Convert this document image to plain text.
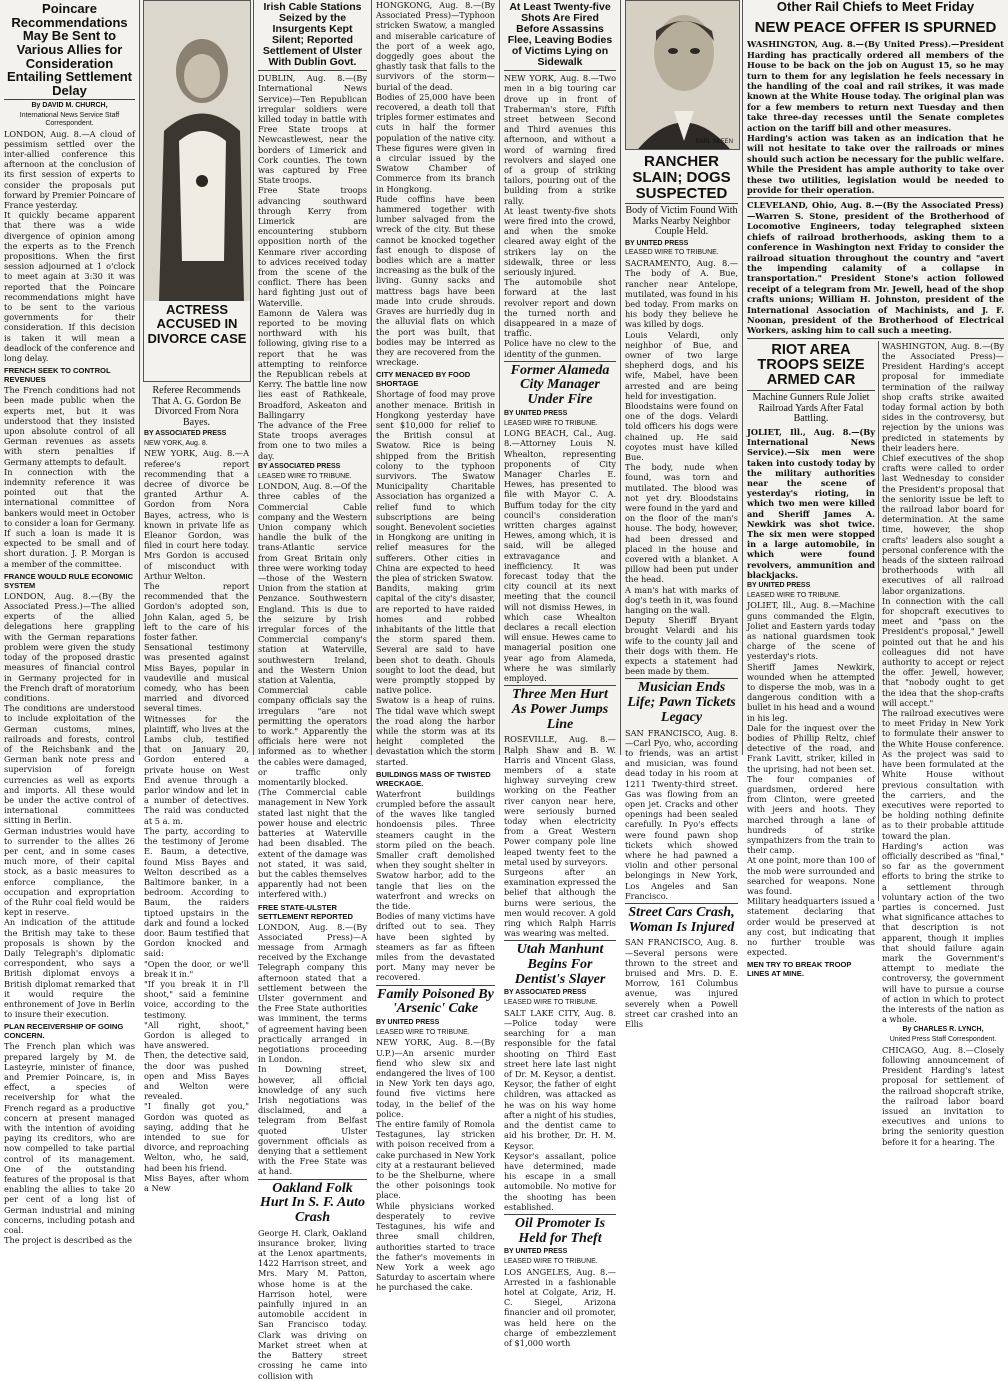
Poincare Recommendations May Be Sent to Various Allies for Consideration Entailing Settlement Delay
By DAVID M. CHURCH,
International News Service Staff Correspondent.

LONDON, Aug. 8.—A cloud of pessimism settled over the inter-allied conference this afternoon at the conclusion of its first session of experts to consider the proposals put forward by Premier Poincare of France yesterday.

It quickly became apparent that there was a wide divergence of opinion among the experts as to the French propositions. When the first session adjourned at 1 o'clock to meet again at 3:30 it was reported that the Poincare recommendations might have to be sent to the various governments for their consideration. If this decision is taken it will mean a deadlock of the conference and long delay.

FRENCH SEEK TO CONTROL REVENUES

The French conditions had not been made public when the experts met, but it was understood that they insisted upon absolute control of all German revenues as assets with stern penalties if Germany attempts to default.

In connection with the indemnity reference it was pointed out that the international committee of bankers would meet in October to consider a loan for Germany. If such a loan is made it is expected to be small and of short duration. J. P. Morgan is a member of the committee.

FRANCE WOULD RULE ECONOMIC SYSTEM

LONDON, Aug. 8.—(By the Associated Press.)—The allied experts of the allied delegations here grappling with the German reparations problem were given the study today of the proposed drastic measures of financial control in Germany projected for in the French draft of moratorium conditions.

The conditions are understood to include exploitation of the German customs, mines, railroads and forests, control of the Reichsbank and the German bank note press and supervision of foreign currencies as well as exports and imports. All these would be under the active control of international committees sitting in Berlin.

German industries would have to surrender to the allies 26 per cent, and in some cases much more, of their capital stock, as a basic measures to enforce compliance, the occupation and expropriation of the Ruhr coal field would be kept in reserve.

An indication of the attitude the British may take to these proposals is shown by the Daily Telegraph's diplomatic correspondent, who says a British diplomat envoys a British diplomat remarked that it would require the enthronement of Jove in Berlin to insure their execution.

PLAN RECEIVERSHIP OF GOING CONCERN.

The French plan which was prepared largely by M. de Lasteyrie, minister of finance, and Premier Poincare, is, in effect, a species of receivership for what the French regard as a productive concern at present managed with the intention of avoiding paying its creditors, who are now compelled to take partial control of its management. One of the outstanding features of the proposal is that enabling the allies to take 20 per cent of a long list of German industrial and mining concerns, including potash and coal.

The project is described as the

ACTRESS ACCUSED IN DIVORCE CASE
Referee Recommends That A. G. Gordon Be Divorced From Nora Bayes.
BY ASSOCIATED PRESS
NEW YORK, Aug. 8.

NEW YORK, Aug. 8.—A referee's report recommending that a decree of divorce be granted Arthur A. Gordon from Nora Bayes, actress, who is known in private life as Eleanor Gordon, was filed in court here today. Mrs Gordon is accused of misconduct with Arthur Welton.

The report recommended that the Gordon's adopted son, John Kalan, aged 5, be left to the care of his foster father.

Sensational testimony was presented against Miss Bayes, popular in vaudeville and musical comedy, who has been married and divorced several times.

Witnesses for the plaintiff, who lives at the Lambs club, testified that on January 20, Gordon entered a private house on West End avenue through a parlor window and let in a number of detectives. The raid was conducted at 5 a. m.

The party, according to the testimony of Jerome E. Baum, a detective, found Miss Bayes and Welton described as a Baltimore banker, in a bedroom. According to Baum, the raiders tiptoed upstairs in the dark and found a locked door. Baum testified that Gordon knocked and said:

"Open the door, or we'll break it in."

"If you break it in I'll shoot," said a feminine voice, according to the testimony.

"All right, shoot," Gordon is alleged to have answered.

Then, the detective said, the door was pushed open and Miss Bayes and Welton were revealed.

"I finally got you," Gordon was quoted as saying, adding that he intended to sue for divorce, and reproaching Welton, who, he said, had been his friend.

Miss Bayes, after whom a New

Irish Cable Stations Seized by the Insurgents Kept Silent; Reported Settlement of Ulster With Dublin Govt.

DUBLIN, Aug. 8.—(By International News Service)—Ten Republican irregular soldiers were killed today in battle with Free State troops at Newcastlewest, near the borders of Limerick and Cork counties. The town was captured by Free State troops.

Free State troops advancing southward through Kerry from Limerick are encountering stubborn opposition north of the Kenmare river according to advices received today from the scene of the conflict. There has been hard fighting just out of Waterville.

Eamonn de Valera was reported to be moving northward with his following, giving rise to a report that he was attempting to reinforce the Republican rebels at Kerry. The battle line now lies east of Rathkeale, Broadford, Askeaton and Ballingarry

The advance of the Free State troops averages from one to two miles a day.

BY ASSOCIATED PRESS
LEASED WIRE TO TRIBUNE.

LONDON, Aug. 8.—Of the three cables of the Commercial Cable company and the Western Union company which handle the bulk of the trans-Atlantic service from Great Britain only three were working today—those of the Western Union from the station at Penzance. Southwestern England. This is due to the seizure by Irish irregular forces of the Commercial company's station at Waterville, southwestern Ireland, and the Western Union station at Valentia,

Commercial cable company officials say the irregulars "are not permitting the operators to work." Apparently the officials here were not informed as to whether the cables were damaged, or traffic only momentarily blocked.

(The Commercial cable management in New York stated last night that the power house and electric batteries at Waterville had been disabled. The extent of the damage was not stated, it was said, but the cables themselves apparently had not been interfered with.)

FREE STATE-ULSTER SETTLEMENT REPORTED

LONDON, Aug. 8.—(By Associated Press)—A message from Armagh received by the Exchange Telegraph company this afternoon stated that a settlement between the Ulster government and the Free State authorities was imminent, the terms of agreement having been practically arranged in negotiations proceeding in London.

In Downing street, however, all official knowledge of any such Irish negotiations was disclaimed, and a telegram from Belfast quoted Ulster government officials as denying that a settlement with the Free State was at hand.

Oakland Folk Hurt In S. F. Auto Crash

George H. Clark, Oakland insurance broker, living at the Lenox apartments, 1422 Harrison street, and Mrs. Mary M. Patton, whose home is at the Harrison hotel, were painfully injured in an automobile accident in San Francisco today. Clark was driving on Market street when at the Battery street crossing he came into collision with

HONGKONG, Aug. 8.—(By Associated Press)—Typhoon stricken Swatow, a mangled and miserable caricature of the port of a week ago, doggedly goes about the ghastly task that falls to the survivors of the storm—burial of the dead.

Bodies of 25,000 have been recovered, a death toll that triples former estimates and cuts in half the former population of the native city. These figures were given in a circular issued by the Swatow Chamber of Commerce from its branch in Hongkong.

Rude coffins have been hammered together with lumber salvaged from the wreck of the city. But these cannot be knocked together fast enough to dispose of bodies which are a matter increasing as the bulk of the living. Gunny sacks and mattress bags have been made into crude shrouds. Graves are hurriedly dug in the alluvial flats on which the port was built, that bodies may be interred as they are recovered from the wreckage.

CITY MENACED BY FOOD SHORTAGE

Shortage of food may prove another menace. British in Hongkong yesterday have sent $10,000 for relief to the British consul at Swatow. Rice is being shipped from the British colony to the typhoon survivors. The Swatow Municipality Charitable Association has organized a relief fund to which subscriptions are being sought. Benevolent societies in Hongkong are uniting in relief measures for the sufferers. Other cities in China are expected to heed the plea of stricken Swatow.

Bandits, making grim capital of the city's disaster, are reported to have raided homes and robbed inhabitants of the little that the storm spared them. Several are said to have been shot to death. Ghouls sought to loot the dead, but were promptly stopped by native police.

Swatow is a heap of ruins. The tidal wave which swept the road along the harbor while the storm was at its height completed the devastation which the storm started.

BUILDINGS MASS OF TWISTED WRECKAGE.

Waterfront buildings crumpled before the assault of the waves like tangled hondoensis piles. Three steamers caught in the storm piled on the beach. Smaller craft demolished when they sought shelter in Swatow harbor, add to the tangle that lies on the waterfront and wrecks on the tide.

Bodies of many victims have drifted out to sea. They have been sighted by steamers as far as fifteen miles from the devastated port. Many may never be recovered.

Family Poisoned By 'Arsenic' Cake
BY UNITED PRESS
LEASED WIRE TO TRIBUNE.

NEW YORK, Aug. 8.—(By U.P.)—An arsenic murder fiend who slew six and endangered the lives of 100 in New York ten days ago, found five victims here today, in the belief of the police.

The entire family of Romola Testagunes, lay stricken with poison received from a cake purchased in New York city at a restaurant believed to be the Shelburne, where the other poisonings took place.

While physicians worked desperately to revive Testagunes, his wife and three small children, authorities started to trace the father's movements in New York a week ago Saturday to ascertain where he purchased the cake.

At Least Twenty-five Shots Are Fired Before Assassins Flee, Leaving Bodies of Victims Lying on Sidewalk

NEW YORK, Aug. 8.—Two men in a big touring car drove up in front of Traberman's store, Fifth street between Second and Third avenues this afternoon, and without a word of warning fired revolvers and slayed one of a group of striking tailors, pouring out of the building from a strike rally.

At least twenty-five shots were fired into the crowd, and when the smoke cleared away eight of the strikers lay on the sidewalk, three or less seriously injured.

The automobile shot forward at the last revolver report and down the turned north and disappeared in a maze of traffic.

Police have no clew to the identity of the gunmen.

Former Alameda City Manager Under Fire
BY UNITED PRESS
LEASED WIRE TO TRIBUNE.

LONG BEACH, Cal., Aug. 8.—Attorney Louis N. Whealton, representing proponents of City Manager Charles E. Hewes, has presented to file with Mayor C. A. Buffum today for the city council's consideration written charges against Hewes, among which, it is said, will be alleged extravagance and inefficiency. It was forecast today that the city council at its next meeting that the council will not dismiss Hewes, in which case Whealton declares a recall election will ensue. Hewes came to managerial position one year ago from Alameda, where he was similarly employed.

Three Men Hurt As Power Jumps Line

ROSEVILLE, Aug. 8.—Ralph Shaw and B. W. Harris and Vincent Glass, members of a state highway surveying crew working on the Feather river canyon near here, were seriously burned today when electricity from a Great Western Power company pole line leaped twenty feet to the metal used by surveyors.

Surgeons after an examination expressed the belief that although the burns were serious, the men would recover. A gold ring which Ralph Harris was wearing was melted.

Utah Manhunt Begins For Dentist's Slayer
BY ASSOCIATED PRESS
LEASED WIRE TO TRIBUNE.

SALT LAKE CITY, Aug. 8.—Police today were searching for a man responsible for the fatal shooting on Third East street here late last night of Dr. M. Keysor, a dentist. Keysor, the father of eight children, was attacked as he was on his way home after a night of his studies, and the dentist came to aid his brother, Dr. H. M. Keysor.

Keysor's assailant, police have determined, made his escape in a small automobile. No motive for the shooting has been established.

Oil Promoter Is Held for Theft
BY UNITED PRESS
LEASED WIRE TO TRIBUNE.

LOS ANGELES, Aug. 8.—Arrested in a fashionable hotel at Colgate, Ariz, H. C. Siegel, Arizona financier and oil promoter, was held here on the charge of embezzlement of $1,000 worth

EARL SKEEN
RANCHER SLAIN; DOGS SUSPECTED
Body of Victim Found With Marks Nearby Neighbor Couple Held.
BY UNITED PRESS
LEASED WIRE TO TRIBUNE.

SACRAMENTO, Aug. 8.—The body of A. Bue, rancher near Antelope, mutilated, was found in his bed today. From marks on his body they believe he was killed by dogs.

Louis Velardi, only neighbor of Bue, and owner of two large shepherd dogs, and his wife, Mabel, have been arrested and are being held for investigation.

Bloodstains were found on one of the dogs. Velardi told officers his dogs were chained up. He said coyotes must have killed Bue.

The body, nude when found, was torn and mutilated. The blood was not yet dry. Bloodstains were found in the yard and on the floor of the man's house. The body, however, had been dressed and placed in the house and covered with a blanket. A pillow had been put under the head.

A man's hat with marks of dog's teeth in it, was found hanging on the wall.

Deputy Sheriff Bryant brought Velardi and his wife to the county jail and their dogs with them. He expects a statement had been made by them.

Musician Ends Life; Pawn Tickets Legacy

SAN FRANCISCO, Aug. 8.—Carl Pyo, who, according to friends, was an artist and musician, was found dead today in his room at 1211 Twenty-third street. Gas was flowing from an open jet. Cracks and other openings had been sealed carefully. In Pyo's effects were found pawn shop tickets which showed where he had pawned a violin and other personal belongings in New York, Los Angeles and San Francisco.

Street Cars Crash, Woman Is Injured

SAN FRANCISCO, Aug. 8.—Several persons were thrown to the street and bruised and Mrs. D. E. Morrow, 161 Columbus avenue, was injured severely when a Powell street car crashed into an Ellis

Other Rail Chiefs to Meet Friday
NEW PEACE OFFER IS SPURNED

WASHINGTON, Aug. 8.—(By United Press).—President Harding has practically ordered all members of the House to be back on the job on August 15, so he may turn to them for any legislation he feels necessary in the handling of the coal and rail strikes, it was made known at the White House today. The original plan was for a few members to return next Tuesday and then take three-day recesses until the Senate completes action on the tariff bill and other measures.

Harding's action was taken as an indication that he will not hesitate to take over the railroads or mines should such action be necessary for the public welfare. While the President has ample authority to take over these two utilities, legislation would be needed to provide for their operation.

CLEVELAND, Ohio, Aug. 8.—(By the Associated Press)—Warren S. Stone, president of the Brotherhood of Locomotive Engineers, today telegraphed sixteen chiefs of railroad brotherhoods, asking them to a conference in Washington next Friday to consider the railroad situation throughout the country and "avert the impending calamity of a collapse in transportation." President Stone's action followed receipt of a telegram from Mr. Jewell, head of the shop crafts unions; William H. Johnston, president of the International Association of Machinists, and J. F. Noonan, president of the Brotherhood of Electrical Workers, asking him to call such a meeting.

RIOT AREA TROOPS SEIZE ARMED CAR
Machine Gunners Rule Joliet Railroad Yards After Fatal Battling.

JOLIET, Ill., Aug. 8.—(By International News Service).—Six men were taken into custody today by the military authorities near the scene of yesterday's rioting, in which two men were killed and Sheriff James A. Newkirk was shot twice. The six men were stopped in a large automobile, in which were found revolvers, ammunition and blackjacks.

BY UNITED PRESS
LEASED WIRE TO TRIBUNE.

JOLIET, Ill., Aug. 8.—Machine guns commanded the Elgin, Joliet and Eastern yards today as national guardsmen took charge of the scene of yesterday's riots.

Sheriff James Newkirk, wounded when he attempted to disperse the mob, was in a dangerous condition with a bullet in his head and a wound in his leg.

Dale for the inquest over the bodies of Phillip Reltz, chief detective of the road, and Frank Lavitt, striker, killed in the uprising, had not been set.

The four companies of guardsmen, ordered here from Clinton, were greeted with jeers and hoots. They marched through a lane of hundreds of strike sympathizers from the train to their camp.

At one point, more than 100 of the mob were surrounded and searched for weapons. None was found.

Military headquarters issued a statement declaring that order would be preserved at any cost, but indicating that no further trouble was expected.

MEN TRY TO BREAK TROOP LINES AT MINE.

WASHINGTON, Aug. 8.—(By the Associated Press)—President Harding's accept proposal for immediate termination of the railway shop crafts strike awaited today formal action by both sides in the controversy, but rejection by the unions was predicted in statements by their leaders here.

Chief executives of the shop crafts were called to order last Wednesday to consider the President's proposal that the seniority issue be left to the railroad labor board for determination. At the same time, however, the shop crafts' leaders also sought a personal conference with the heads of the sixteen railroad brotherhoods with all executives of all railroad labor organizations.

In connection with the call for shopcraft executives to meet and "pass on the President's proposal," Jewell pointed out that he and his colleagues did not have authority to accept or reject the offer. Jewell, however, that "nobody ought to get the idea that the shop-crafts will accept."

The railroad executives were to meet Friday in New York to formulate their answer to the White House conference. As the project was said to have been formulated at the White House without previous consultation with the carriers, and the executives were reported to be holding nothing definite as to their probable attitude toward the plan.

Harding's action was officially described as "final," so far as the government efforts to bring the strike to a settlement through voluntary action of the two parties is concerned. Just what significance attaches to that description is not apparent, though it implies that should failure again mark the Government's attempt to mediate the controversy, the government will have to pursue a course of action in which to protect the interests of the nation as a whole.

By CHARLES R. LYNCH,
United Press Staff Correspondent.

CHICAGO, Aug. 8.—Closely following announcement of President Harding's latest proposal for settlement of the railroad shopcraft strike, the railroad labor board issued an invitation to executives and unions to bring the seniority question before it for a hearing. The
